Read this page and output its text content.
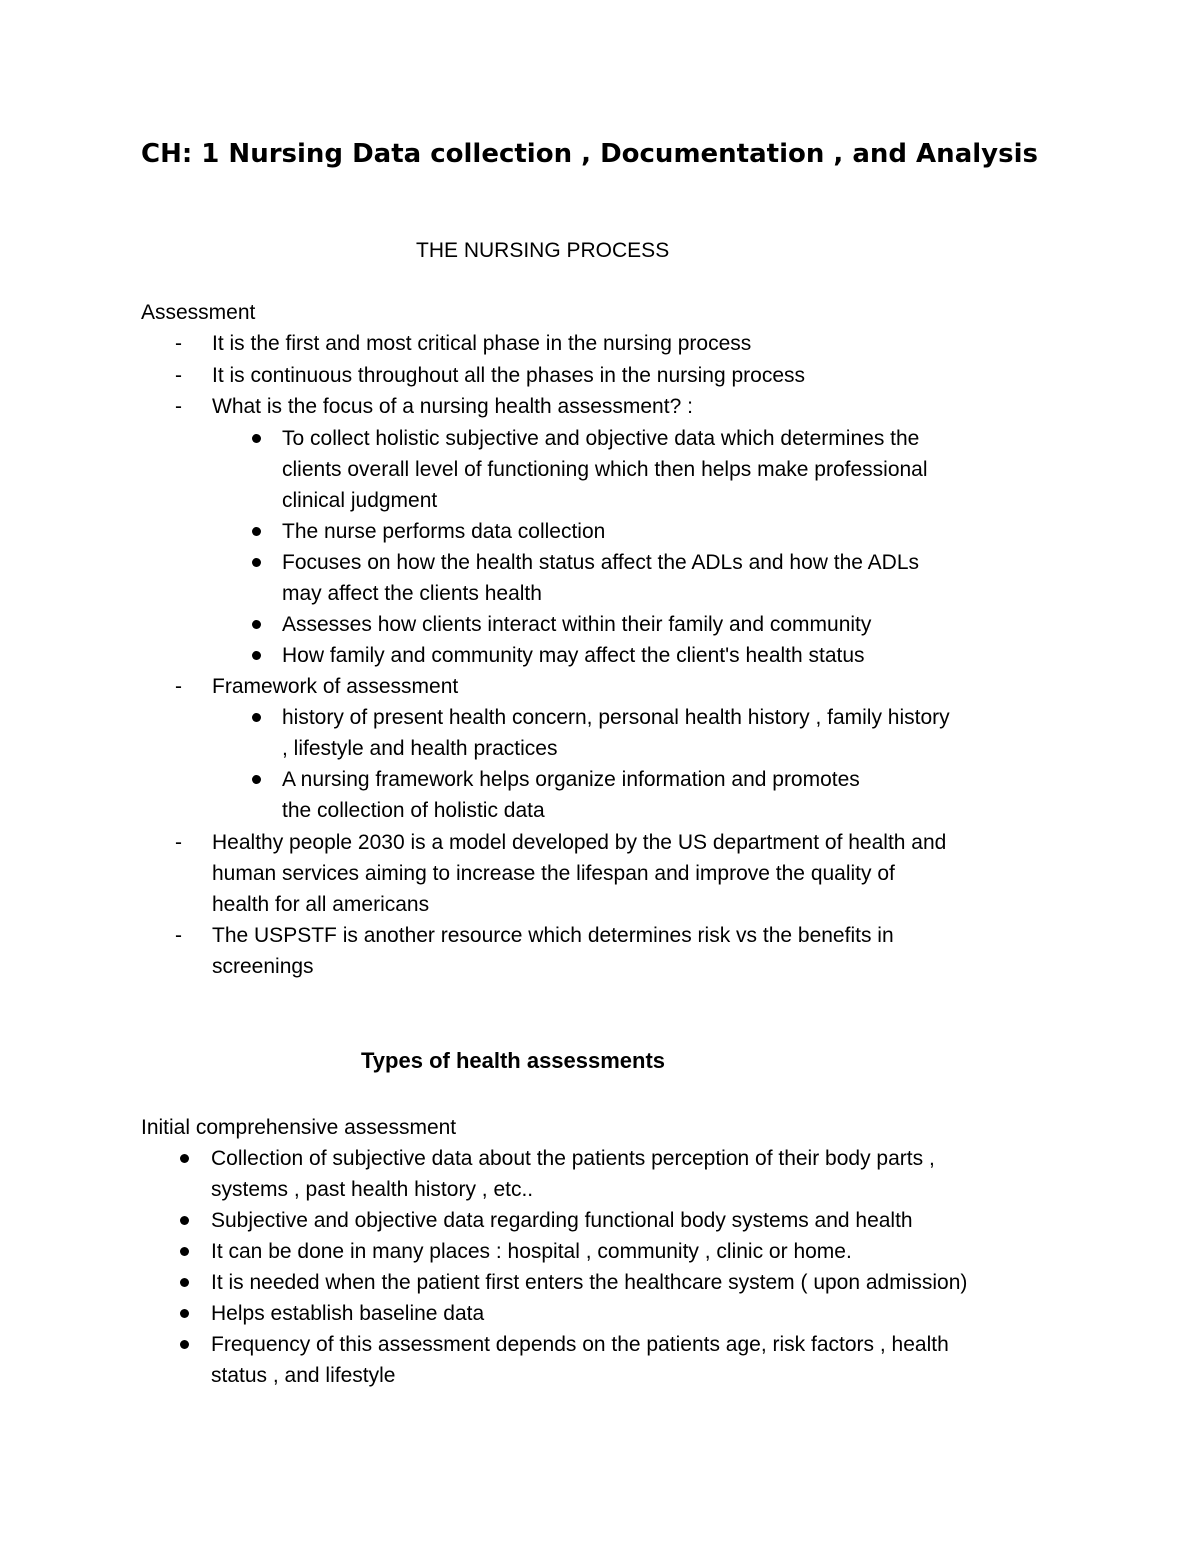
CH: 1 Nursing Data collection , Documentation , and Analysis

THE NURSING PROCESS

Assessment

- It is the first and most critical phase in the nursing process

- It is continuous throughout all the phases in the nursing process

- What is the focus of a nursing health assessment? :

To collect holistic subjective and objective data which determines the

clients overall level of functioning which then helps make professional

clinical judgment

The nurse performs data collection

Focuses on how the health status affect the ADLs and how the ADLs

may affect the clients health

Assesses how clients interact within their family and community

How family and community may affect the client's health status

- Framework of assessment

history of present health concern, personal health history , family history

, lifestyle and health practices

A nursing framework helps organize information and promotes

the collection of holistic data

- Healthy people 2030 is a model developed by the US department of health and

human services aiming to increase the lifespan and improve the quality of

health for all americans

- The USPSTF is another resource which determines risk vs the benefits in

screenings

Types of health assessments

Initial comprehensive assessment

Collection of subjective data about the patients perception of their body parts ,

systems , past health history , etc..

Subjective and objective data regarding functional body systems and health

It can be done in many places : hospital , community , clinic or home.

It is needed when the patient first enters the healthcare system ( upon admission)

Helps establish baseline data

Frequency of this assessment depends on the patients age, risk factors , health

status , and lifestyle
